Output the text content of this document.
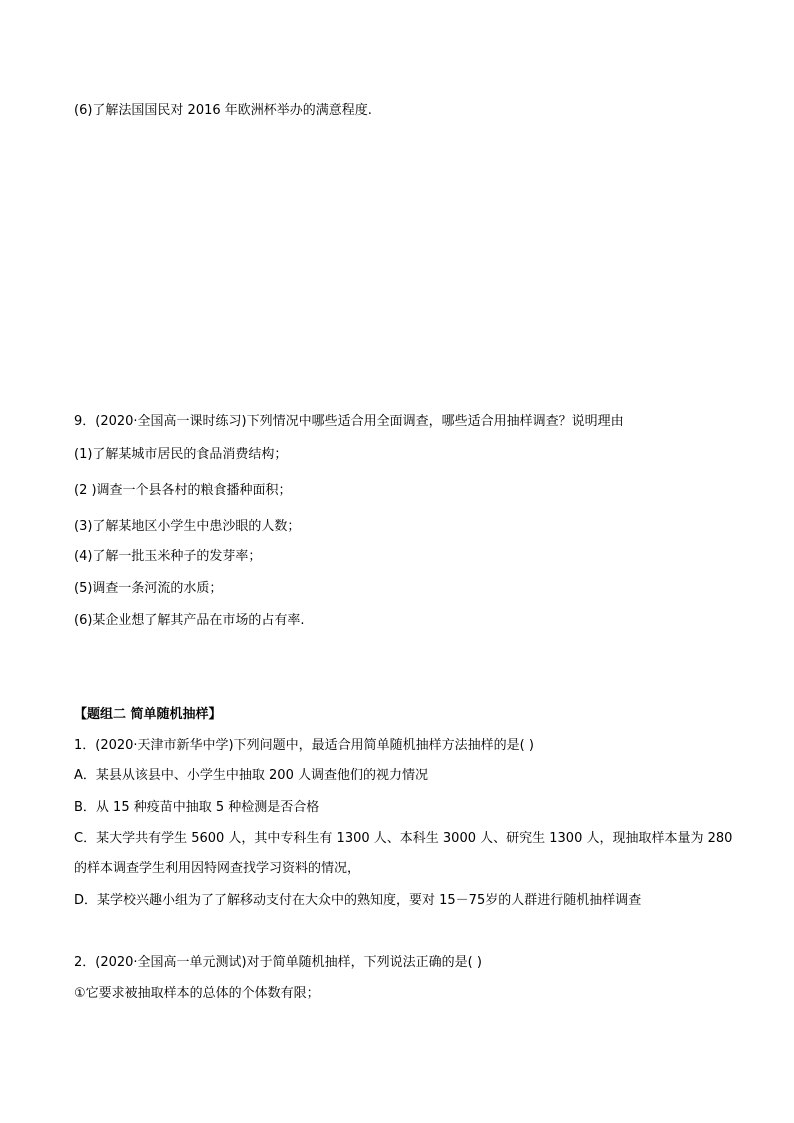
(6)了解法国国民对 2016 年欧洲杯举办的满意程度.
9．(2020·全国高一课时练习)下列情况中哪些适合用全面调查，哪些适合用抽样调查？说明理由
(1)了解某城市居民的食品消费结构；
(2 )调查一个县各村的粮食播种面积；
(3)了解某地区小学生中患沙眼的人数；
(4)了解一批玉米种子的发芽率；
(5)调查一条河流的水质；
(6)某企业想了解其产品在市场的占有率.
【题组二 简单随机抽样】
1．(2020·天津市新华中学)下列问题中，最适合用简单随机抽样方法抽样的是( )
A．某县从该县中、小学生中抽取 200 人调查他们的视力情况
B．从 15 种疫苗中抽取 5 种检测是否合格
C．某大学共有学生 5600 人，其中专科生有 1300 人、本科生 3000 人、研究生 1300 人，现抽取样本量为 280
的样本调查学生利用因特网查找学习资料的情况，
D．某学校兴趣小组为了了解移动支付在大众中的熟知度，要对 15－75岁的人群进行随机抽样调查
2．(2020·全国高一单元测试)对于简单随机抽样，下列说法正确的是( )
①它要求被抽取样本的总体的个体数有限；
